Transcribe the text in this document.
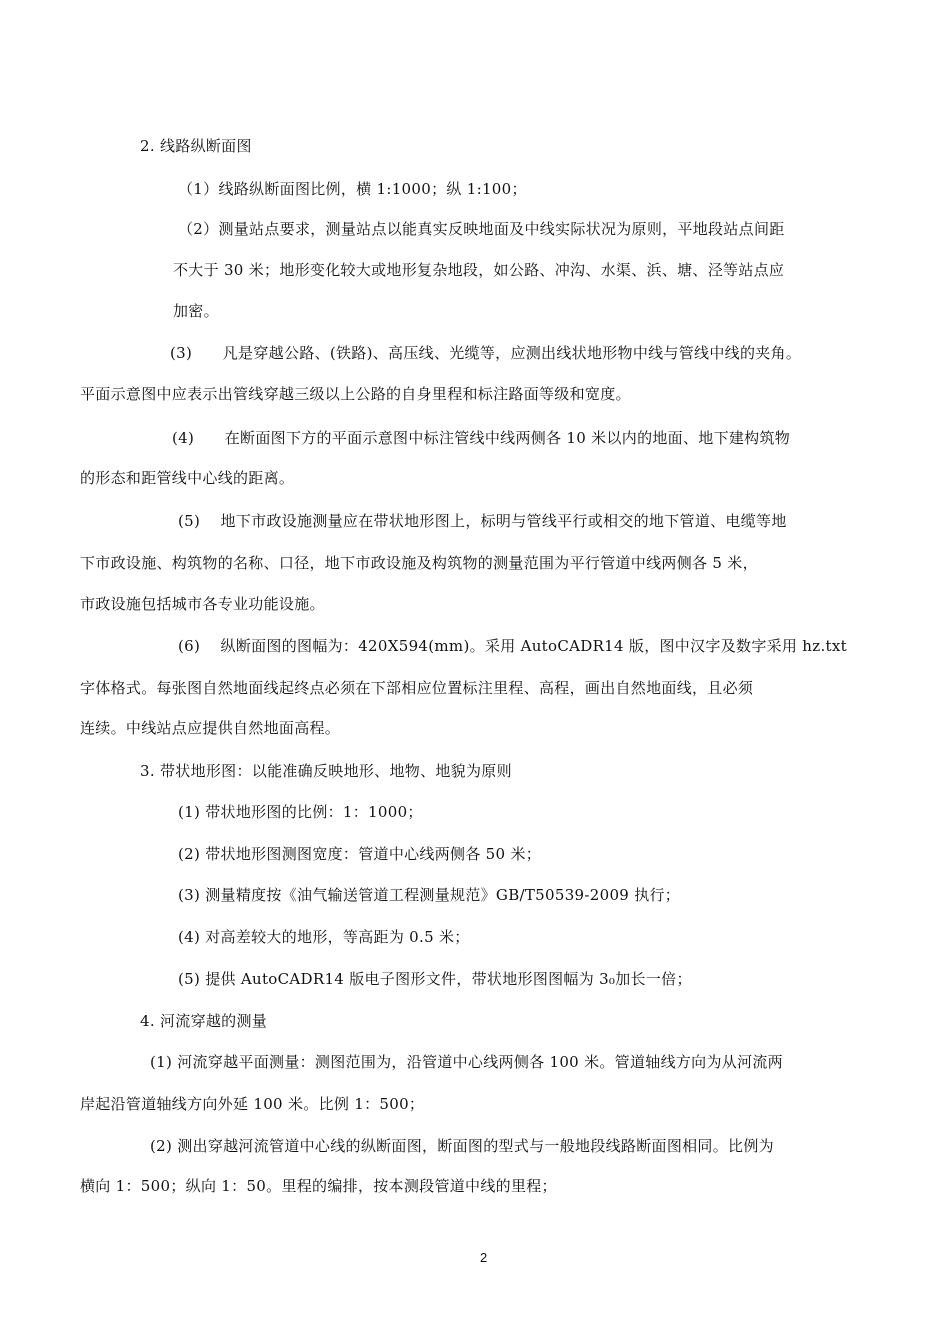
2. 线路纵断面图
（1）线路纵断面图比例，横 1:1000；纵 1:100；
（2）测量站点要求，测量站点以能真实反映地面及中线实际状况为原则，平地段站点间距
不大于 30 米；地形变化较大或地形复杂地段，如公路、冲沟、水渠、浜、塘、泾等站点应
加密。
(3)　　凡是穿越公路、(铁路)、高压线、光缆等，应测出线状地形物中线与管线中线的夹角。
平面示意图中应表示出管线穿越三级以上公路的自身里程和标注路面等级和宽度。
(4)　　在断面图下方的平面示意图中标注管线中线两侧各 10 米以内的地面、地下建构筑物
的形态和距管线中心线的距离。
(5)　 地下市政设施测量应在带状地形图上，标明与管线平行或相交的地下管道、电缆等地
下市政设施、构筑物的名称、口径，地下市政设施及构筑物的测量范围为平行管道中线两侧各 5 米，
市政设施包括城市各专业功能设施。
(6)　 纵断面图的图幅为：420X594(mm)。采用 AutoCADR14 版，图中汉字及数字采用 hz.txt
字体格式。每张图自然地面线起终点必须在下部相应位置标注里程、高程，画出自然地面线，且必须
连续。中线站点应提供自然地面高程。
3. 带状地形图：以能准确反映地形、地物、地貌为原则
(1) 带状地形图的比例：1：1000；
(2) 带状地形图测图宽度：管道中心线两侧各 50 米；
(3) 测量精度按《油气输送管道工程测量规范》GB/T50539-2009 执行；
(4) 对高差较大的地形，等高距为 0.5 米；
(5) 提供 AutoCADR14 版电子图形文件，带状地形图图幅为 3₀加长一倍；
4. 河流穿越的测量
(1) 河流穿越平面测量：测图范围为，沿管道中心线两侧各 100 米。管道轴线方向为从河流两
岸起沿管道轴线方向外延 100 米。比例 1：500；
(2) 测出穿越河流管道中心线的纵断面图，断面图的型式与一般地段线路断面图相同。比例为
横向 1：500；纵向 1：50。里程的编排，按本测段管道中线的里程；
2
